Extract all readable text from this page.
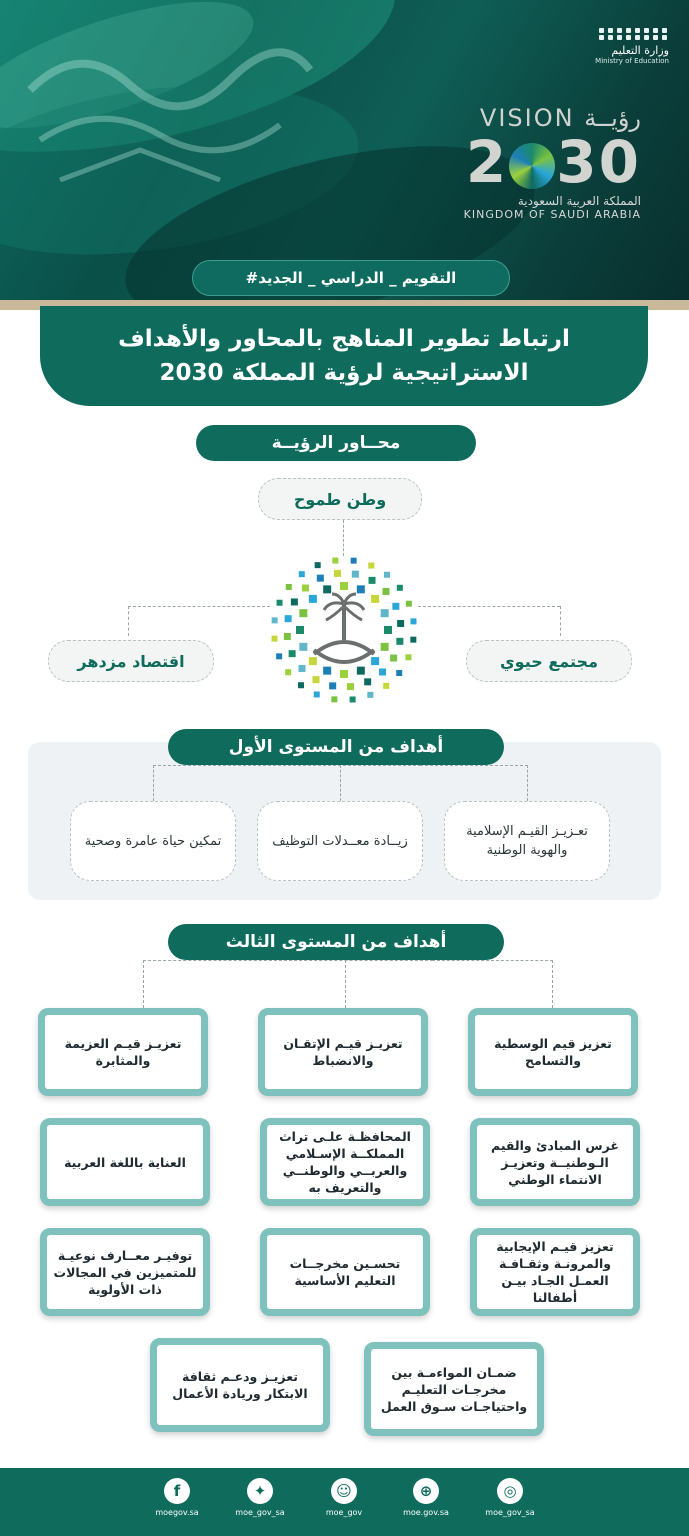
وزارة التعليم
Ministry of Education
VISION رؤيــة
2 30
المملكة العربية السعودية
KINGDOM OF SAUDI ARABIA
#التقويم _ الدراسي _ الجديد
ارتباط تطوير المناهج بالمحاور والأهداف
الاستراتيجية لرؤية المملكة 2030
محــاور الرؤيــة
وطن طموح
اقتصاد مزدهر	مجتمع حيوي
أهداف من المستوى الأول
تعـزيـز القيـم الإسلامية والهوية الوطنية
زيــادة معــدلات التوظيف
تمكين حياة عامرة وصحية
أهداف من المستوى الثالث
تعزيز قيم الوسطية والتسامح
تعزيـز قيـم الإتقـان والانضباط
تعزيـز قيـم العزيمة والمثابرة
غرس المبادئ والقيم الـوطنيــة وتعزيـز الانتماء الوطني
المحافظـة علـى تراث المملكــة الإسـلامي والعربــي والوطنــي والتعريف به
العناية باللغة العربية
تعزيز قيـم الإيجابية والمرونـة وثقـافـة العمـل الجـاد بيـن أطفالنا
تحسـين مخرجــات التعليم الأساسية
توفيـر معــارف نوعيـة للمتميزين في المجالات ذات الأولوية
ضمـان المواءمـة بين مخرجـات التعليـم واحتياجـات سـوق العمل
تعزيـز ودعـم ثقافة الابتكار وريادة الأعمال
◎
moe_gov_sa
⊕
moe.gov.sa
☺
moe_gov
✦
moe_gov_sa
f
moegov.sa
